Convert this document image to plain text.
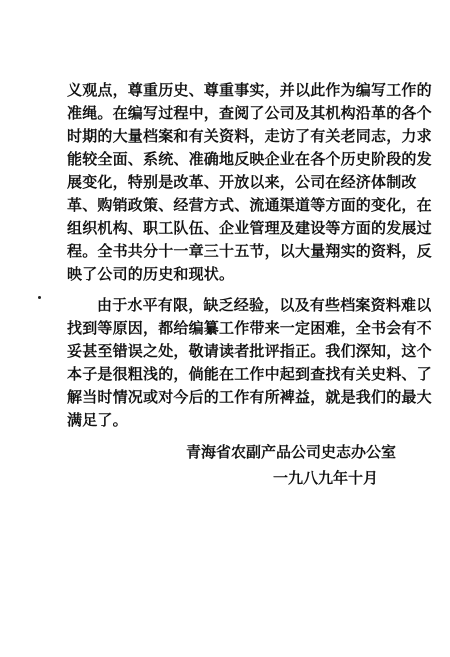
义观点，尊重历史、尊重事实，并以此作为编写工作的
准绳。在编写过程中，查阅了公司及其机构沿革的各个
时期的大量档案和有关资料，走访了有关老同志，力求
能较全面、系统、准确地反映企业在各个历史阶段的发
展变化，特别是改革、开放以来，公司在经济体制改
革、购销政策、经营方式、流通渠道等方面的变化，在
组织机构、职工队伍、企业管理及建设等方面的发展过
程。全书共分十一章三十五节，以大量翔实的资料，反
映了公司的历史和现状。
由于水平有限，缺乏经验，以及有些档案资料难以
找到等原因，都给编纂工作带来一定困难，全书会有不
妥甚至错误之处，敬请读者批评指正。我们深知，这个
本子是很粗浅的，倘能在工作中起到查找有关史料、了
解当时情况或对今后的工作有所裨益，就是我们的最大
满足了。
青海省农副产品公司史志办公室
一九八九年十月
